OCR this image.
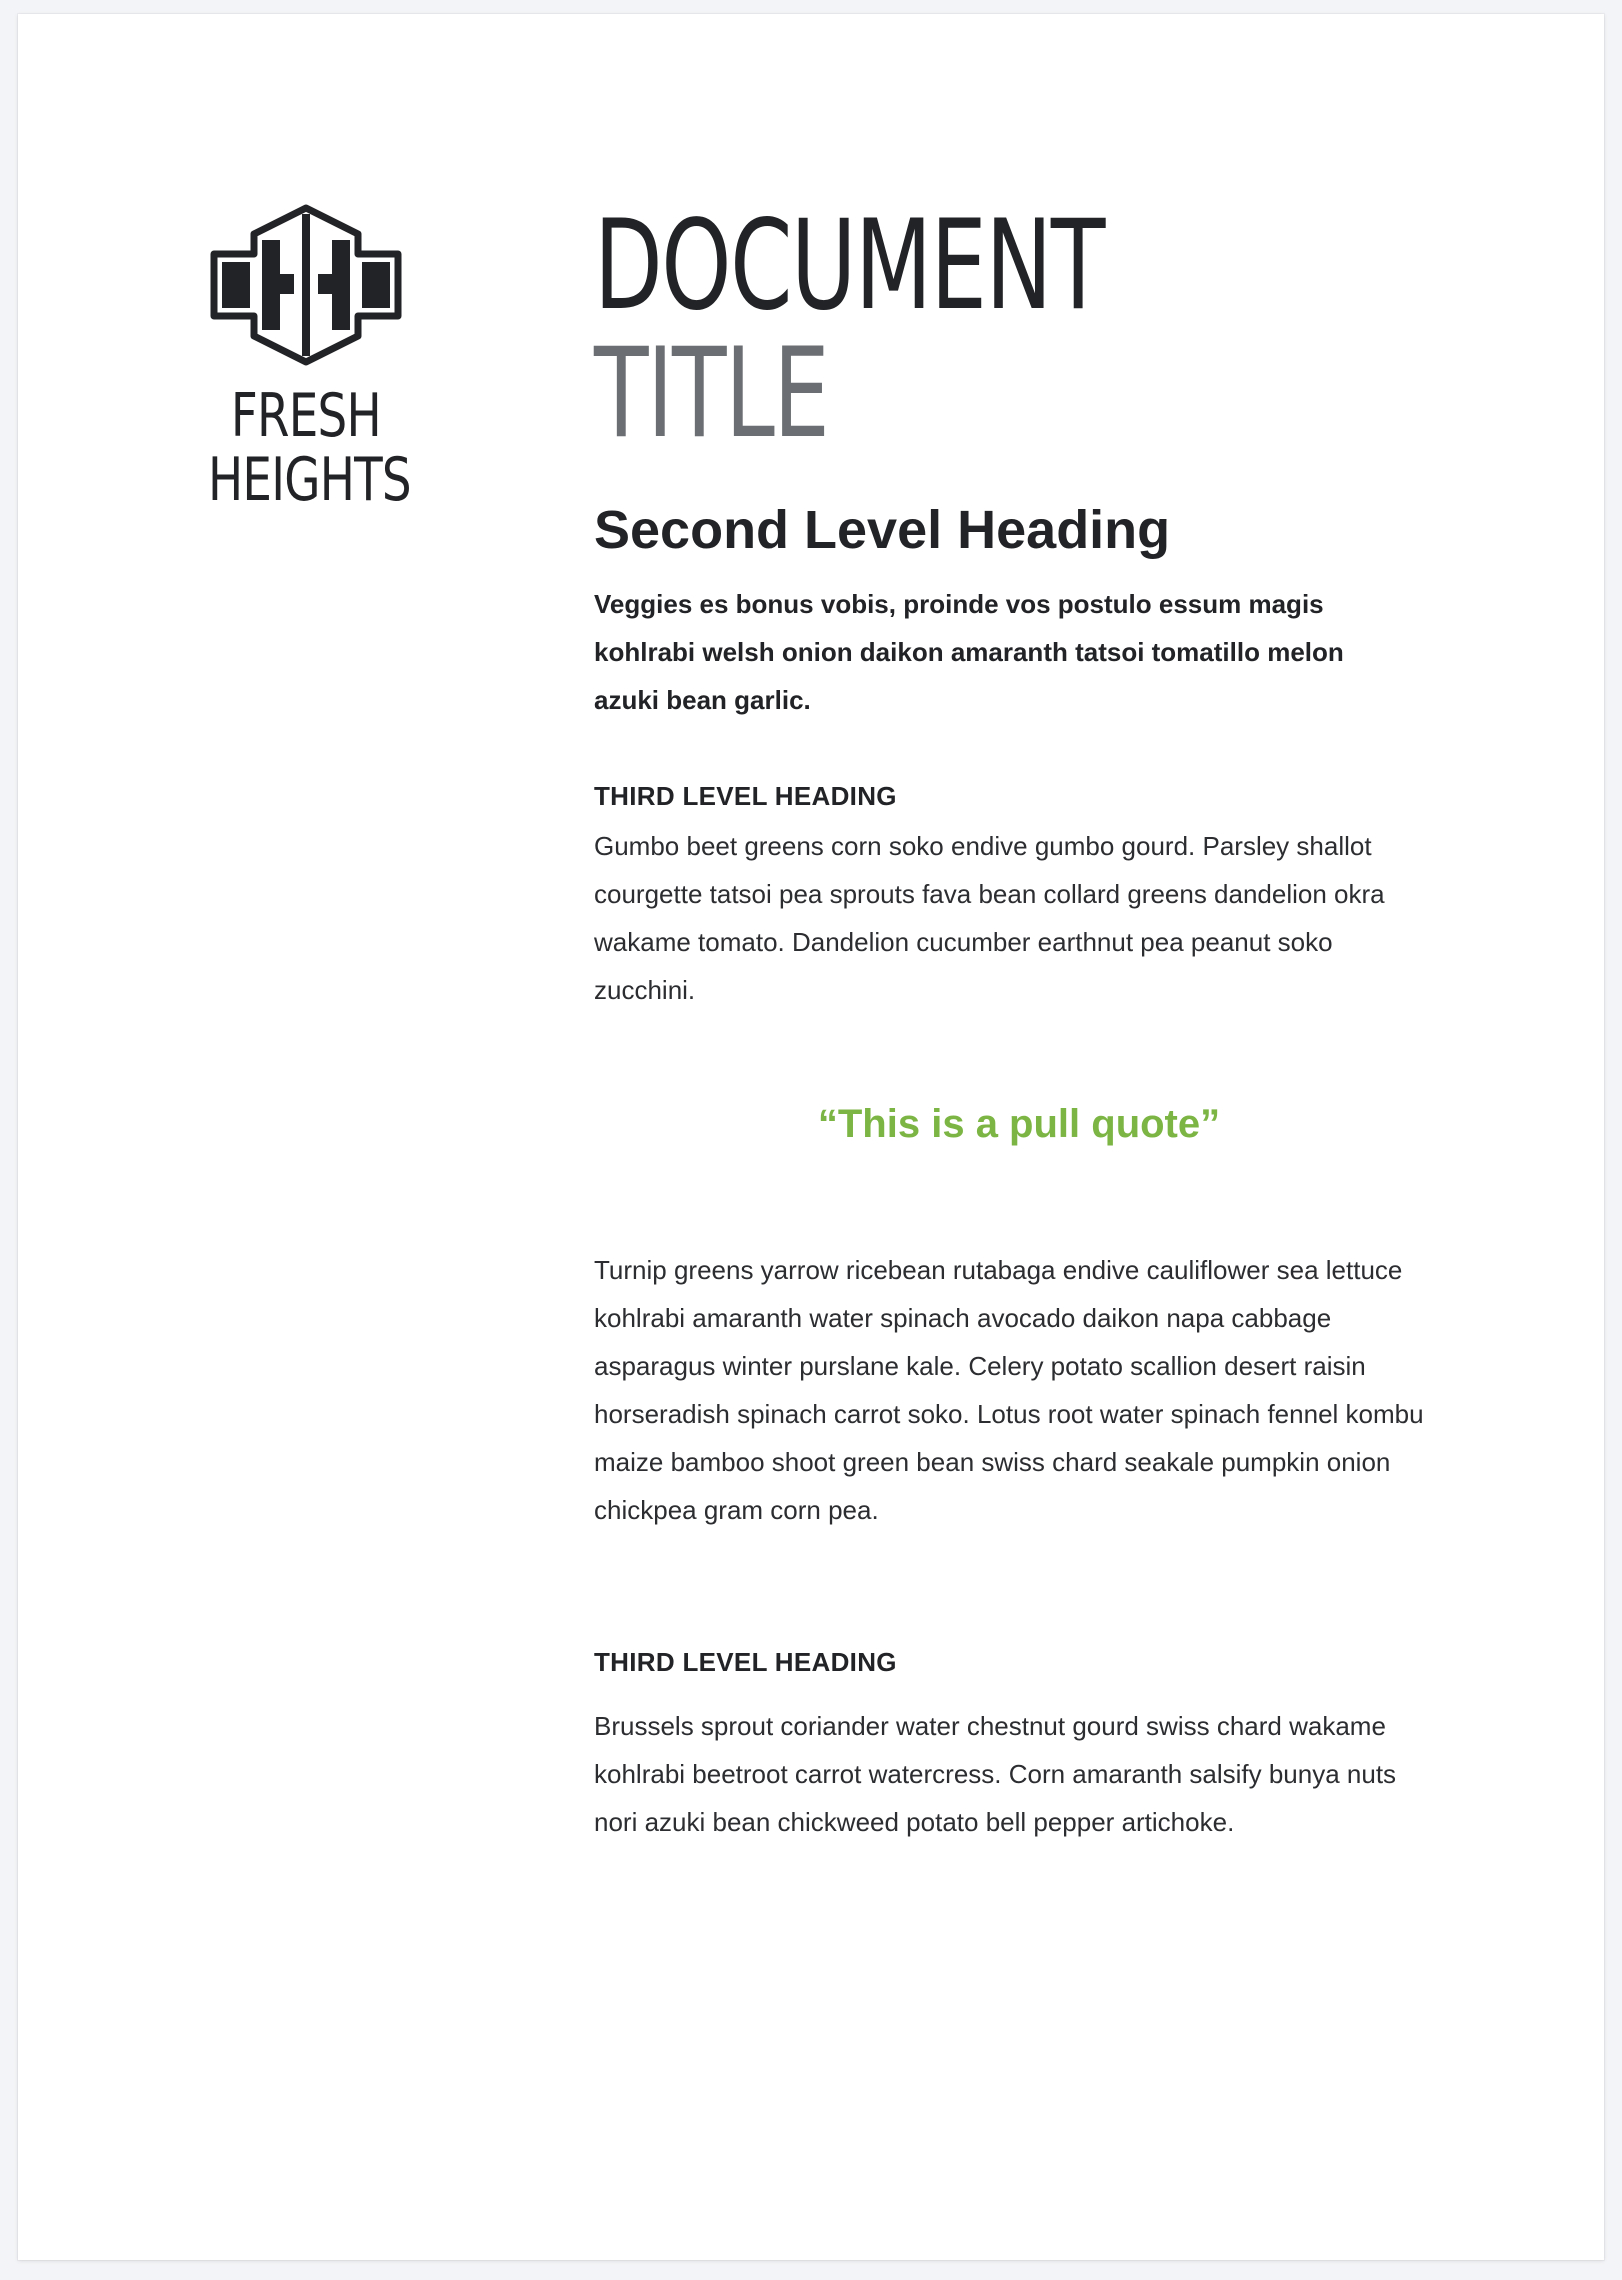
FRESH
HEIGHTS
DOCUMENT
TITLE
Second Level Heading
Veggies es bonus vobis, proinde vos postulo essum magis kohlrabi welsh onion daikon amaranth tatsoi tomatillo melon azuki bean garlic.
THIRD LEVEL HEADING
Gumbo beet greens corn soko endive gumbo gourd. Parsley shallot courgette tatsoi pea sprouts fava bean collard greens dandelion okra wakame tomato. Dandelion cucumber earthnut pea peanut soko zucchini.
“This is a pull quote”
Turnip greens yarrow ricebean rutabaga endive cauliflower sea lettuce kohlrabi amaranth water spinach avocado daikon napa cabbage asparagus winter purslane kale. Celery potato scallion desert raisin horseradish spinach carrot soko. Lotus root water spinach fennel kombu maize bamboo shoot green bean swiss chard seakale pumpkin onion chickpea gram corn pea.
THIRD LEVEL HEADING
Brussels sprout coriander water chestnut gourd swiss chard wakame kohlrabi beetroot carrot watercress. Corn amaranth salsify bunya nuts nori azuki bean chickweed potato bell pepper artichoke.
